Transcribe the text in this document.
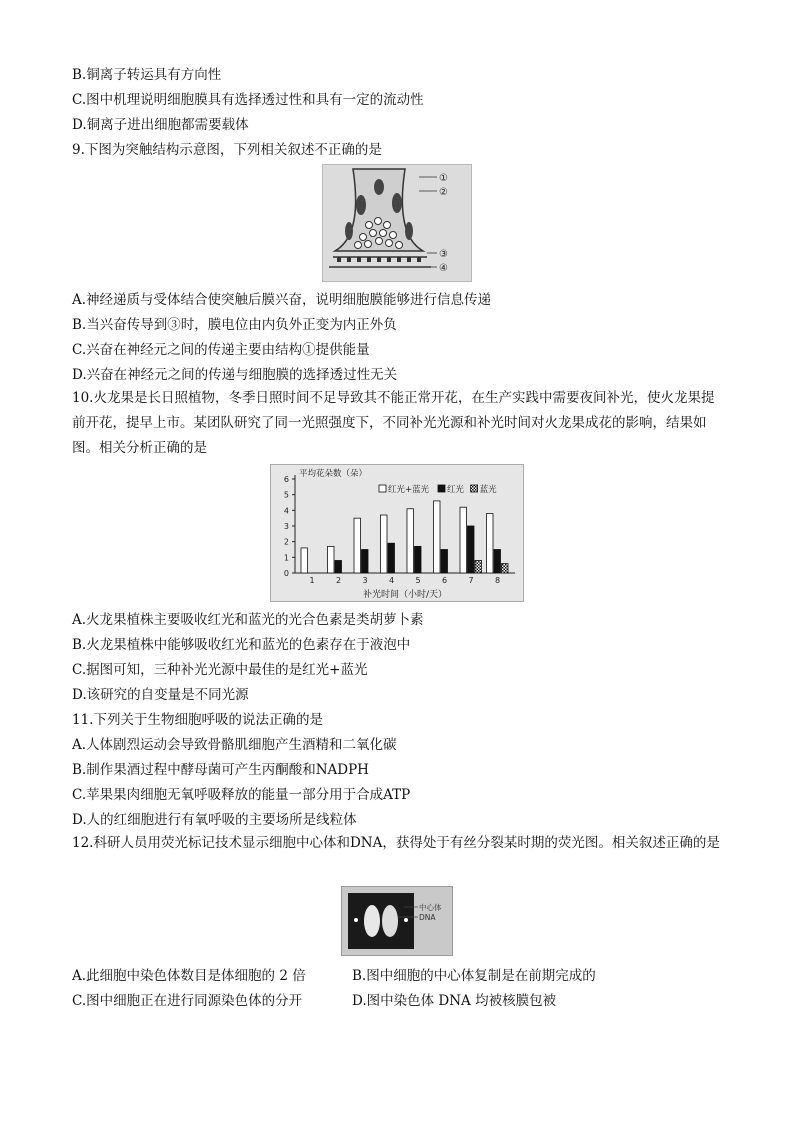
B.铜离子转运具有方向性
C.图中机理说明细胞膜具有选择透过性和具有一定的流动性
D.铜离子进出细胞都需要载体
9.下图为突触结构示意图，下列相关叙述不正确的是
①
②
③
④
A.神经递质与受体结合使突触后膜兴奋，说明细胞膜能够进行信息传递
B.当兴奋传导到③时，膜电位由内负外正变为内正外负
C.兴奋在神经元之间的传递主要由结构①提供能量
D.兴奋在神经元之间的传递与细胞膜的选择透过性无关
10.火龙果是长日照植物，冬季日照时间不足导致其不能正常开花，在生产实践中需要夜间补光，使火龙果提前开花，提早上市。某团队研究了同一光照强度下，不同补光光源和补光时间对火龙果成花的影响，结果如图。相关分析正确的是
0
1
2
3
4
5
6
平均花朵数（朵）
1	2	3	4	5	6	7	8
补光时间（小时/天）
红光+蓝光 红光 蓝光
A.火龙果植株主要吸收红光和蓝光的光合色素是类胡萝卜素
B.火龙果植株中能够吸收红光和蓝光的色素存在于液泡中
C.据图可知，三种补光光源中最佳的是红光+蓝光
D.该研究的自变量是不同光源
11.下列关于生物细胞呼吸的说法正确的是
A.人体剧烈运动会导致骨骼肌细胞产生酒精和二氧化碳
B.制作果酒过程中酵母菌可产生丙酮酸和NADPH
C.苹果果肉细胞无氧呼吸释放的能量一部分用于合成ATP
D.人的红细胞进行有氧呼吸的主要场所是线粒体
12.科研人员用荧光标记技术显示细胞中心体和DNA，获得处于有丝分裂某时期的荧光图。相关叙述正确的是
中心体
DNA
A.此细胞中染色体数目是体细胞的 2 倍	B.图中细胞的中心体复制是在前期完成的
C.图中细胞正在进行同源染色体的分开	D.图中染色体 DNA 均被核膜包被
